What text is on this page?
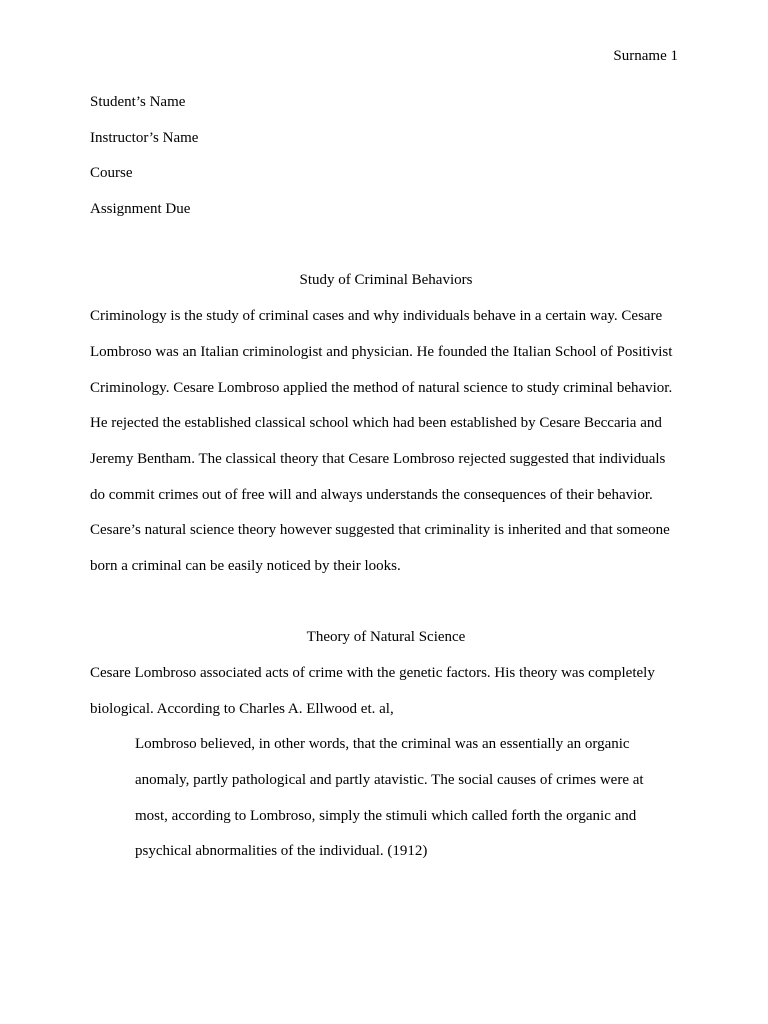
Surname 1
Student’s Name
Instructor’s Name
Course
Assignment Due
Study of Criminal Behaviors
Criminology is the study of criminal cases and why individuals behave in a certain way. Cesare
Lombroso was an Italian criminologist and physician. He founded the Italian School of Positivist
Criminology. Cesare Lombroso applied the method of natural science to study criminal behavior.
He rejected the established classical school which had been established by Cesare Beccaria and
Jeremy Bentham. The classical theory that Cesare Lombroso rejected suggested that individuals
do commit crimes out of free will and always understands the consequences of their behavior.
Cesare’s natural science theory however suggested that criminality is inherited and that someone
born a criminal can be easily noticed by their looks.
Theory of Natural Science
Cesare Lombroso associated acts of crime with the genetic factors. His theory was completely
biological. According to Charles A. Ellwood et. al,
Lombroso believed, in other words, that the criminal was an essentially an organic
anomaly, partly pathological and partly atavistic. The social causes of crimes were at
most, according to Lombroso, simply the stimuli which called forth the organic and
psychical abnormalities of the individual. (1912)
